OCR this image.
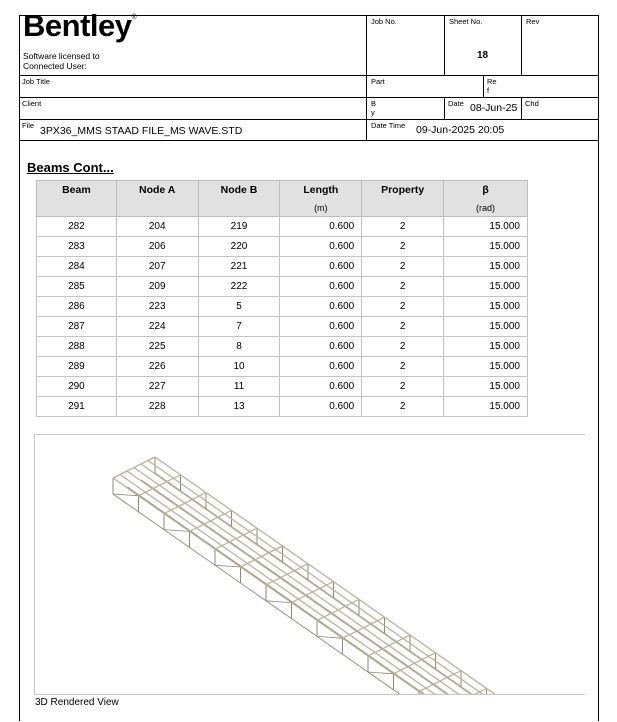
Bentley®
Software licensed to
Connected User:
Job No.	Sheet No.
18
Rev
Job Title	Part	Re
f
Client	B
y
Date 08-Jun-25 Chd
File 3PX36_MMS STAAD FILE_MS WAVE.STD	Date Time 09-Jun-2025 20:05
Beams Cont...
Beam	Node A	Node B	Length	Property	β
			(m)		(rad)
282	204	219	0.600	2	15.000
283	206	220	0.600	2	15.000
284	207	221	0.600	2	15.000
285	209	222	0.600	2	15.000
286	223	5	0.600	2	15.000
287	224	7	0.600	2	15.000
288	225	8	0.600	2	15.000
289	226	10	0.600	2	15.000
290	227	11	0.600	2	15.000
291	228	13	0.600	2	15.000
3D Rendered View
